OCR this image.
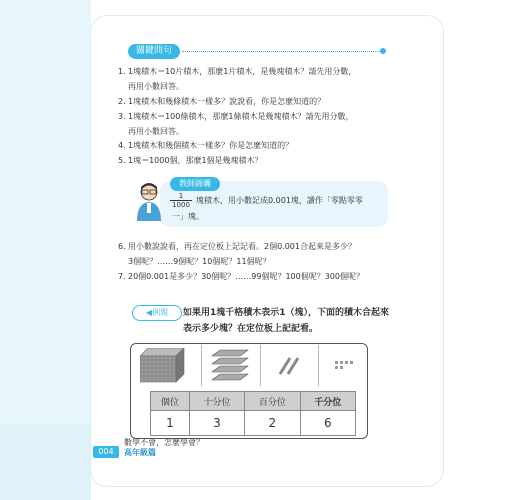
關鍵問句
1. 1塊積木＝10片積木，那麼1片積木，是幾塊積木？請先用分數，
再用小數回答。
2. 1塊積木和幾條積木一樣多？說說看，你是怎麼知道的？
3. 1塊積木＝100條積木，那麼1條積木是幾塊積木？請先用分數，
再用小數回答。
4. 1塊積木和幾個積木一樣多？你是怎麼知道的？
5. 1塊＝1000個，那麼1個是幾塊積木？
教師錦囊
$\frac{1}{1000}$ 塊積木，用小數記成0.001塊，讀作「零點零零
一」塊。
6. 用小數說說看，再在定位板上記記看。2個0.001合起來是多少？
3個呢？……9個呢？10個呢？11個呢？
7. 20個0.001是多少？30個呢？……99個呢？100個呢？300個呢？
◀例題	如果用1塊千格積木表示1（塊），下面的積木合起來
表示多少塊？在定位板上記記看。
個位	十分位	百分位	千分位
1	3	2	6
004
數學不會，怎麼學會？
高年級篇
